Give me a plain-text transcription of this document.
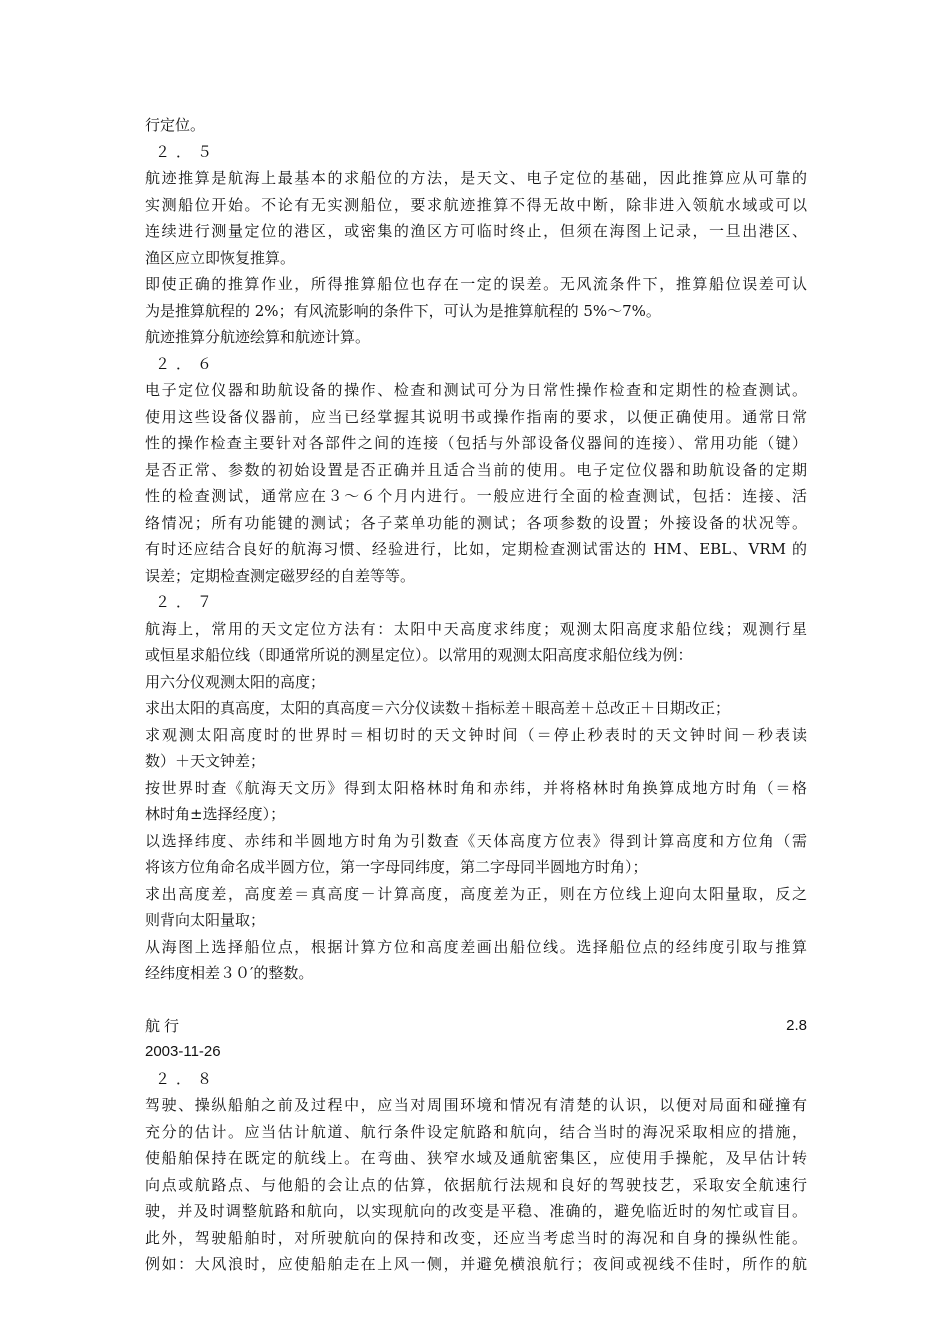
行定位。
２．５
航迹推算是航海上最基本的求船位的方法，是天文、电子定位的基础，因此推算应从可靠的
实测船位开始。不论有无实测船位，要求航迹推算不得无故中断，除非进入领航水域或可以
连续进行测量定位的港区，或密集的渔区方可临时终止，但须在海图上记录，一旦出港区、
渔区应立即恢复推算。
即使正确的推算作业，所得推算船位也存在一定的误差。无风流条件下，推算船位误差可认
为是推算航程的 2%；有风流影响的条件下，可认为是推算航程的 5%～7%。
航迹推算分航迹绘算和航迹计算。
２．６
电子定位仪器和助航设备的操作、检查和测试可分为日常性操作检查和定期性的检查测试。
使用这些设备仪器前，应当已经掌握其说明书或操作指南的要求，以便正确使用。通常日常
性的操作检查主要针对各部件之间的连接（包括与外部设备仪器间的连接）、常用功能（键）
是否正常、参数的初始设置是否正确并且适合当前的使用。电子定位仪器和助航设备的定期
性的检查测试，通常应在３～６个月内进行。一般应进行全面的检查测试，包括：连接、活
络情况；所有功能键的测试；各子菜单功能的测试；各项参数的设置；外接设备的状况等。
有时还应结合良好的航海习惯、经验进行，比如，定期检查测试雷达的 HM、EBL、VRM 的
误差；定期检查测定磁罗经的自差等等。
２．７
航海上，常用的天文定位方法有：太阳中天高度求纬度；观测太阳高度求船位线；观测行星
或恒星求船位线（即通常所说的测星定位）。以常用的观测太阳高度求船位线为例：
用六分仪观测太阳的高度；
求出太阳的真高度，太阳的真高度＝六分仪读数＋指标差＋眼高差＋总改正＋日期改正；
求观测太阳高度时的世界时＝相切时的天文钟时间（＝停止秒表时的天文钟时间－秒表读
数）＋天文钟差；
按世界时查《航海天文历》得到太阳格林时角和赤纬，并将格林时角换算成地方时角（＝格
林时角±选择经度）；
以选择纬度、赤纬和半圆地方时角为引数查《天体高度方位表》得到计算高度和方位角（需
将该方位角命名成半圆方位，第一字母同纬度，第二字母同半圆地方时角）；
求出高度差，高度差＝真高度－计算高度，高度差为正，则在方位线上迎向太阳量取，反之
则背向太阳量取；
从海图上选择船位点，根据计算方位和高度差画出船位线。选择船位点的经纬度引取与推算
经纬度相差３０′的整数。
航行	2.8
2003-11-26
２．８
驾驶、操纵船舶之前及过程中，应当对周围环境和情况有清楚的认识，以便对局面和碰撞有
充分的估计。应当估计航道、航行条件设定航路和航向，结合当时的海况采取相应的措施，
使船舶保持在既定的航线上。在弯曲、狭窄水域及通航密集区，应使用手操舵，及早估计转
向点或航路点、与他船的会让点的估算，依据航行法规和良好的驾驶技艺，采取安全航速行
驶，并及时调整航路和航向，以实现航向的改变是平稳、准确的，避免临近时的匆忙或盲目。
此外，驾驶船舶时，对所驶航向的保持和改变，还应当考虑当时的海况和自身的操纵性能。
例如：大风浪时，应使船舶走在上风一侧，并避免横浪航行；夜间或视线不佳时，所作的航
